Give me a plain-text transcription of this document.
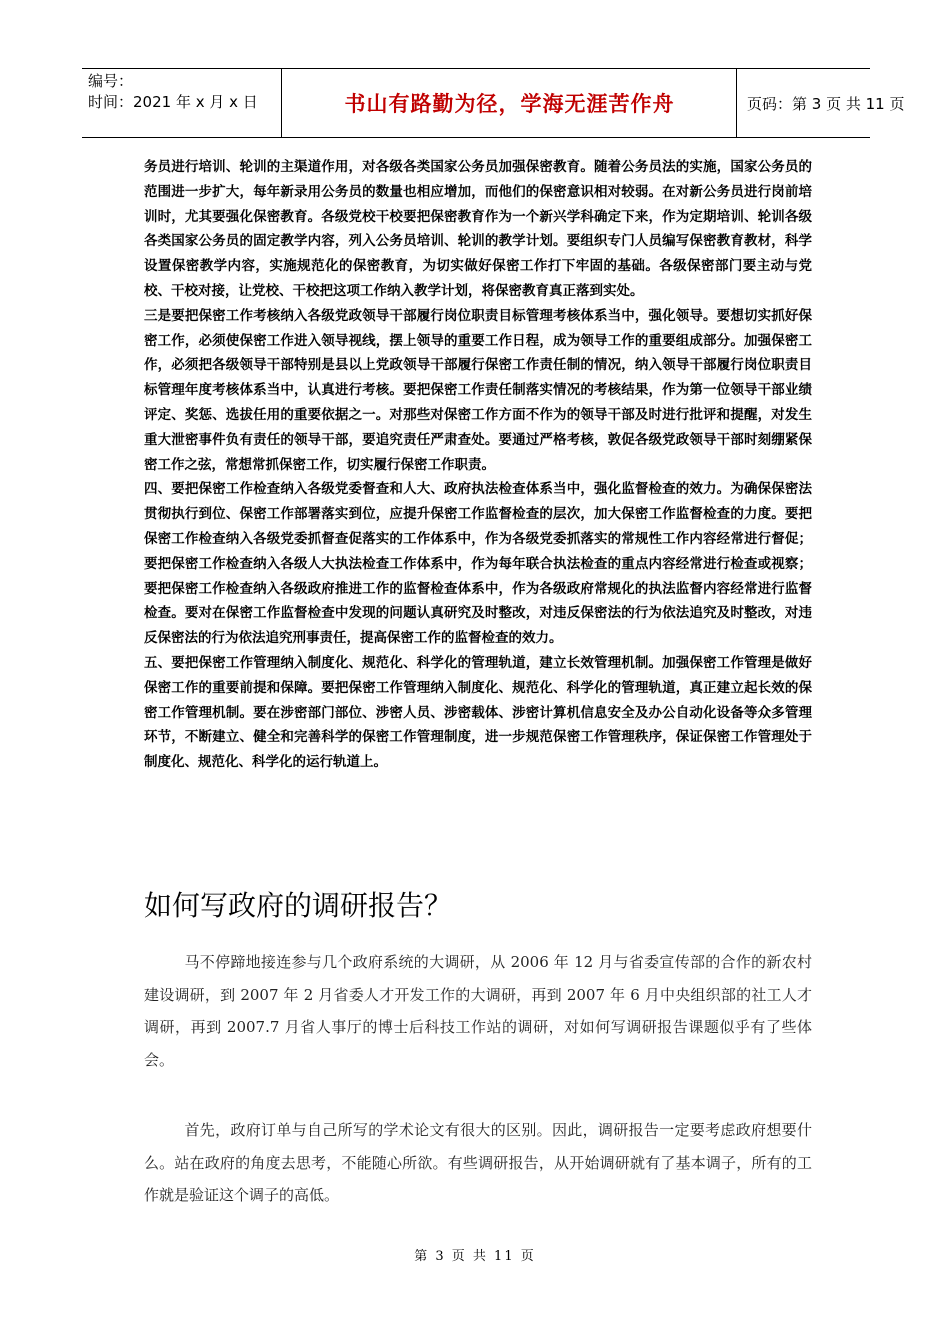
编号：
时间：2021 年 x 月 x 日	书山有路勤为径，学海无涯苦作舟	页码：第 3 页 共 11 页

务员进行培训、轮训的主渠道作用，对各级各类国家公务员加强保密教育。随着公务员法的实施，国家公务员的范围进一步扩大，每年新录用公务员的数量也相应增加，而他们的保密意识相对较弱。在对新公务员进行岗前培训时，尤其要强化保密教育。各级党校干校要把保密教育作为一个新兴学科确定下来，作为定期培训、轮训各级各类国家公务员的固定教学内容，列入公务员培训、轮训的教学计划。要组织专门人员编写保密教育教材，科学设置保密教学内容，实施规范化的保密教育，为切实做好保密工作打下牢固的基础。各级保密部门要主动与党校、干校对接，让党校、干校把这项工作纳入教学计划，将保密教育真正落到实处。

三是要把保密工作考核纳入各级党政领导干部履行岗位职责目标管理考核体系当中，强化领导。要想切实抓好保密工作，必须使保密工作进入领导视线，摆上领导的重要工作日程，成为领导工作的重要组成部分。加强保密工作，必须把各级领导干部特别是县以上党政领导干部履行保密工作责任制的情况，纳入领导干部履行岗位职责目标管理年度考核体系当中，认真进行考核。要把保密工作责任制落实情况的考核结果，作为第一位领导干部业绩评定、奖惩、选拔任用的重要依据之一。对那些对保密工作方面不作为的领导干部及时进行批评和提醒，对发生重大泄密事件负有责任的领导干部，要追究责任严肃查处。要通过严格考核，敦促各级党政领导干部时刻绷紧保密工作之弦，常想常抓保密工作，切实履行保密工作职责。

四、要把保密工作检查纳入各级党委督查和人大、政府执法检查体系当中，强化监督检查的效力。为确保保密法贯彻执行到位、保密工作部署落实到位，应提升保密工作监督检查的层次，加大保密工作监督检查的力度。要把保密工作检查纳入各级党委抓督查促落实的工作体系中，作为各级党委抓落实的常规性工作内容经常进行督促；要把保密工作检查纳入各级人大执法检查工作体系中，作为每年联合执法检查的重点内容经常进行检查或视察；要把保密工作检查纳入各级政府推进工作的监督检查体系中，作为各级政府常规化的执法监督内容经常进行监督检查。要对在保密工作监督检查中发现的问题认真研究及时整改，对违反保密法的行为依法追究及时整改，对违反保密法的行为依法追究刑事责任，提高保密工作的监督检查的效力。

五、要把保密工作管理纳入制度化、规范化、科学化的管理轨道，建立长效管理机制。加强保密工作管理是做好保密工作的重要前提和保障。要把保密工作管理纳入制度化、规范化、科学化的管理轨道，真正建立起长效的保密工作管理机制。要在涉密部门部位、涉密人员、涉密载体、涉密计算机信息安全及办公自动化设备等众多管理环节，不断建立、健全和完善科学的保密工作管理制度，进一步规范保密工作管理秩序，保证保密工作管理处于制度化、规范化、科学化的运行轨道上。

如何写政府的调研报告？

马不停蹄地接连参与几个政府系统的大调研，从 2006 年 12 月与省委宣传部的合作的新农村建设调研，到 2007 年 2 月省委人才开发工作的大调研，再到 2007 年 6 月中央组织部的社工人才调研，再到 2007.7 月省人事厅的博士后科技工作站的调研，对如何写调研报告课题似乎有了些体会。

首先，政府订单与自己所写的学术论文有很大的区别。因此，调研报告一定要考虑政府想要什么。站在政府的角度去思考，不能随心所欲。有些调研报告，从开始调研就有了基本调子，所有的工作就是验证这个调子的高低。

第 3 页 共 11 页
